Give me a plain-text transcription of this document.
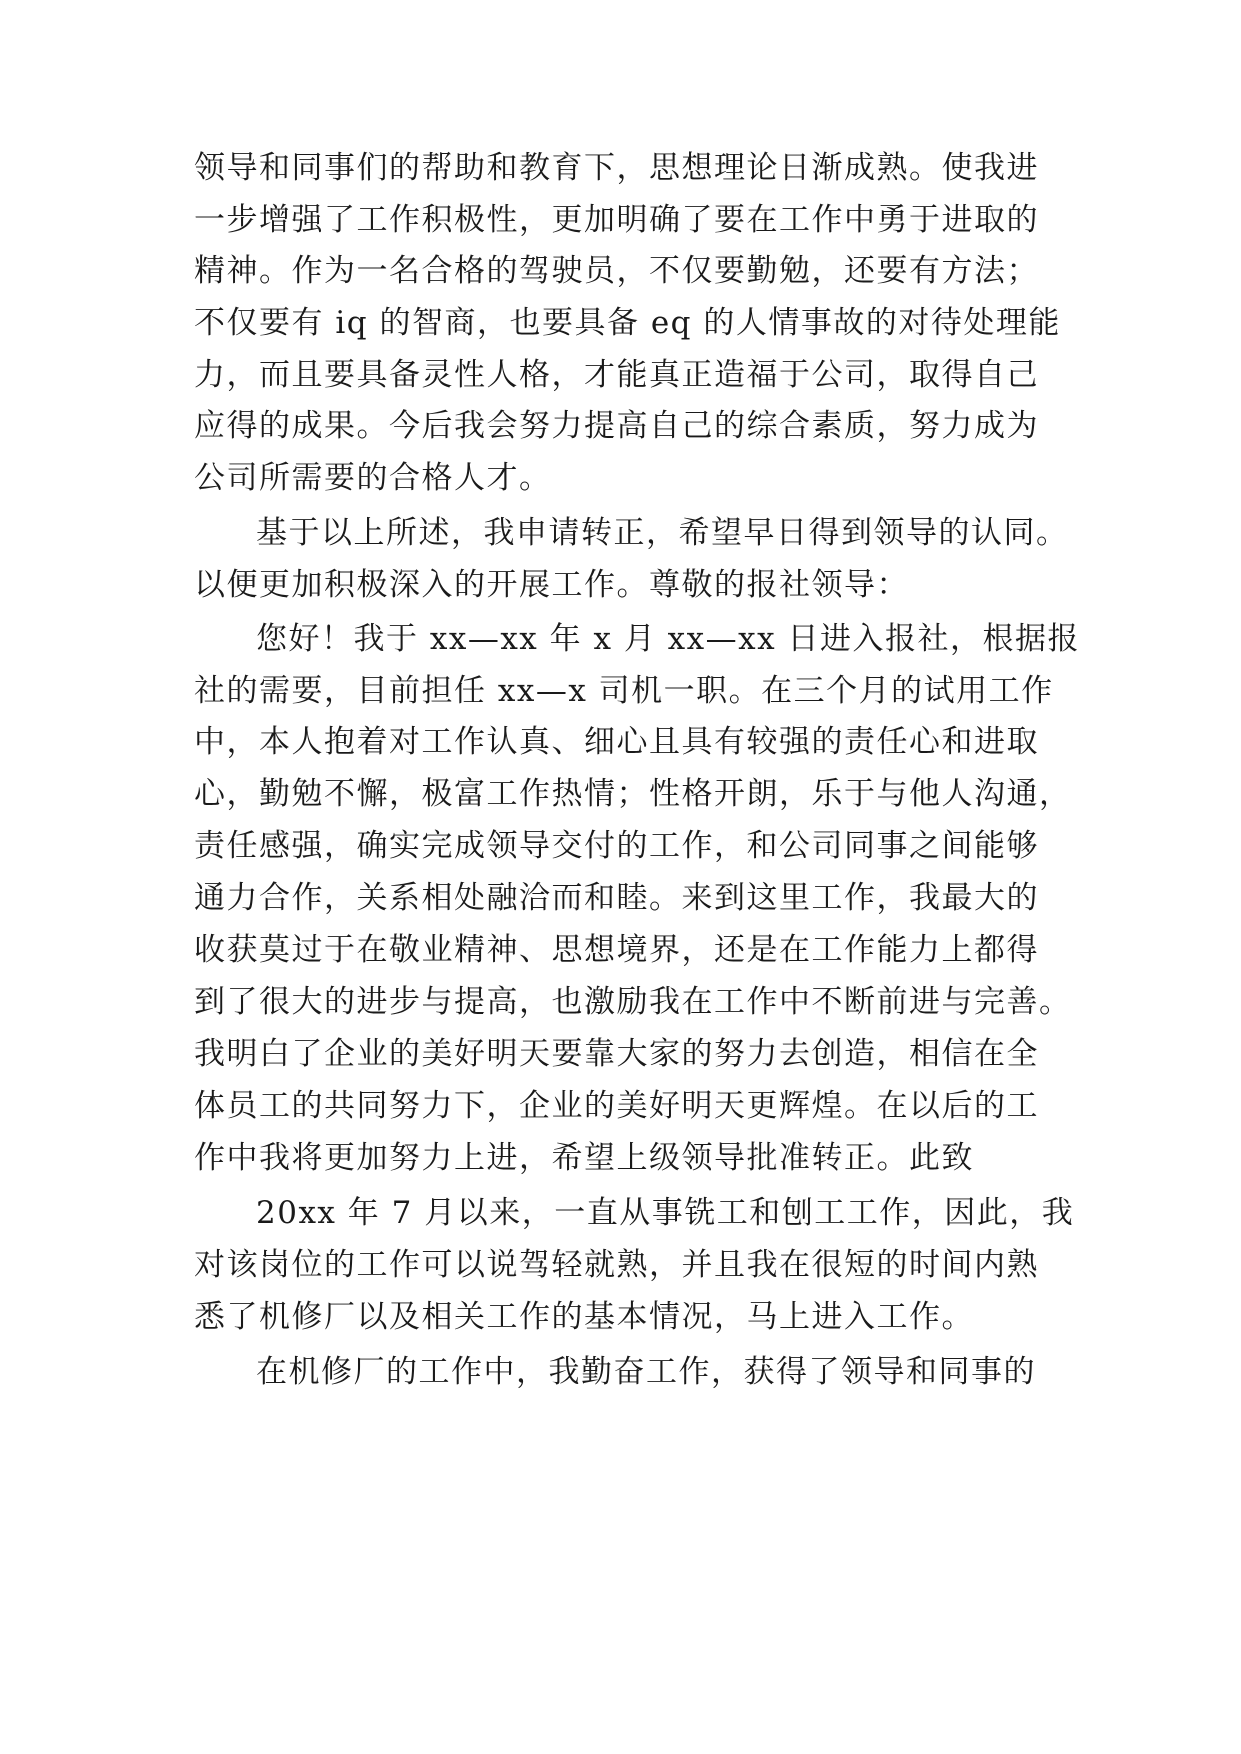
领导和同事们的帮助和教育下，思想理论日渐成熟。使我进
一步增强了工作积极性，更加明确了要在工作中勇于进取的
精神。作为一名合格的驾驶员，不仅要勤勉，还要有方法；
不仅要有 iq 的智商，也要具备 eq 的人情事故的对待处理能
力，而且要具备灵性人格，才能真正造福于公司，取得自己
应得的成果。今后我会努力提高自己的综合素质，努力成为
公司所需要的合格人才。
基于以上所述，我申请转正，希望早日得到领导的认同。
以便更加积极深入的开展工作。尊敬的报社领导：
您好！我于 xx—xx 年 x 月 xx—xx 日进入报社，根据报
社的需要，目前担任 xx—x 司机一职。在三个月的试用工作
中，本人抱着对工作认真、细心且具有较强的责任心和进取
心，勤勉不懈，极富工作热情；性格开朗，乐于与他人沟通，
责任感强，确实完成领导交付的工作，和公司同事之间能够
通力合作，关系相处融洽而和睦。来到这里工作，我最大的
收获莫过于在敬业精神、思想境界，还是在工作能力上都得
到了很大的进步与提高，也激励我在工作中不断前进与完善。
我明白了企业的美好明天要靠大家的努力去创造，相信在全
体员工的共同努力下，企业的美好明天更辉煌。在以后的工
作中我将更加努力上进，希望上级领导批准转正。此致
20xx 年 7 月以来，一直从事铣工和刨工工作，因此，我
对该岗位的工作可以说驾轻就熟，并且我在很短的时间内熟
悉了机修厂以及相关工作的基本情况，马上进入工作。
在机修厂的工作中，我勤奋工作，获得了领导和同事的
